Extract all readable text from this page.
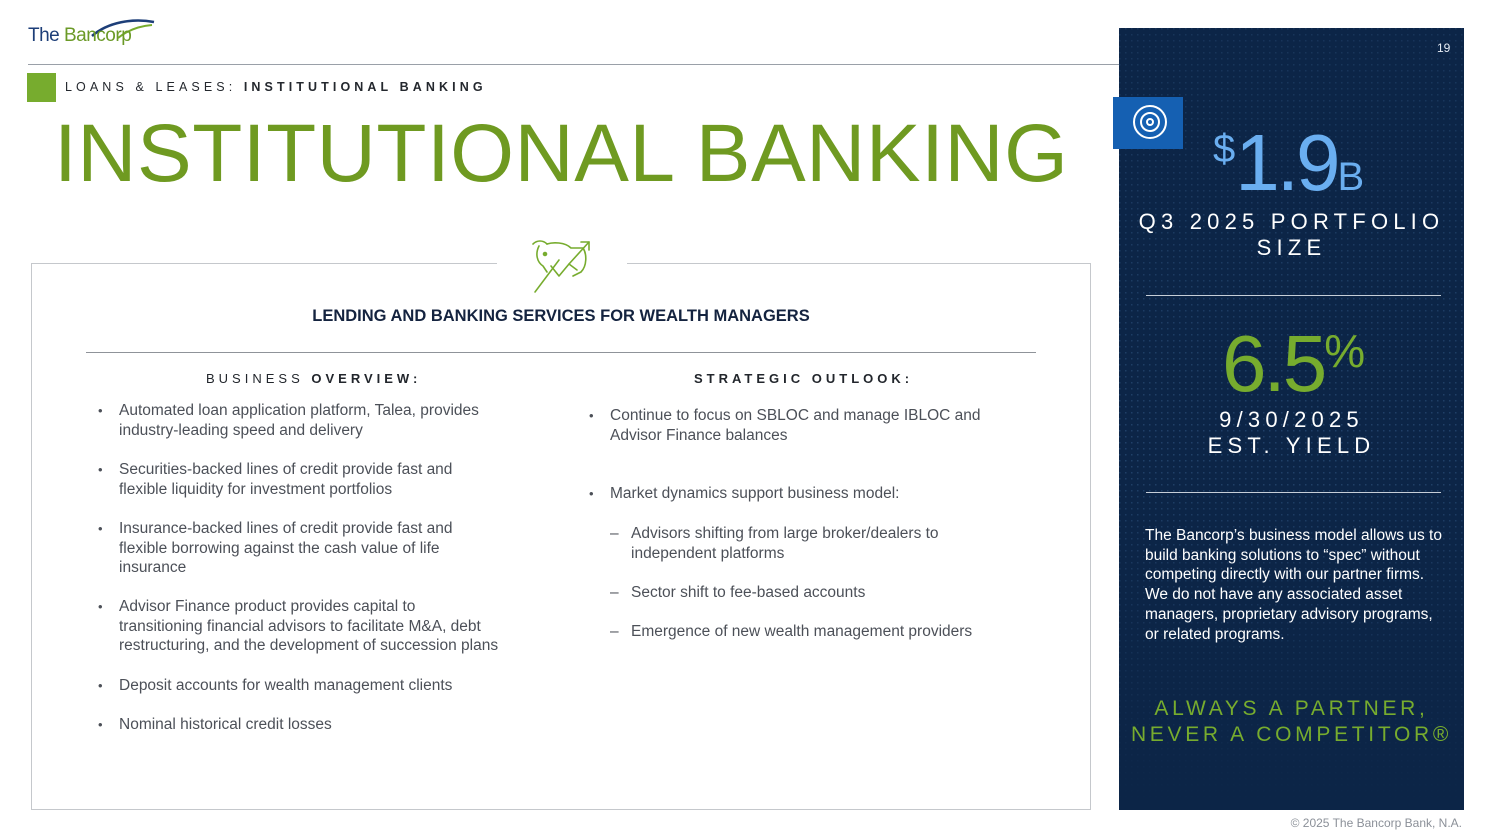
The Bancorp
LOANS & LEASES: INSTITUTIONAL BANKING
INSTITUTIONAL BANKING
LENDING AND BANKING SERVICES FOR WEALTH MANAGERS
BUSINESS OVERVIEW:	STRATEGIC OUTLOOK:
• Automated loan application platform, Talea, provides
industry-leading speed and delivery
• Securities-backed lines of credit provide fast and
flexible liquidity for investment portfolios
• Insurance-backed lines of credit provide fast and
flexible borrowing against the cash value of life
insurance
• Advisor Finance product provides capital to
transitioning financial advisors to facilitate M&A, debt
restructuring, and the development of succession plans
• Deposit accounts for wealth management clients
• Nominal historical credit losses
• Continue to focus on SBLOC and manage IBLOC and
Advisor Finance balances
• Market dynamics support business model:
– Advisors shifting from large broker/dealers to
independent platforms
– Sector shift to fee-based accounts
– Emergence of new wealth management providers
19
$1.9B
Q3 2025 PORTFOLIO
SIZE
6.5%
9/30/2025
EST. YIELD
The Bancorp’s business model allows us to build banking solutions to “spec” without competing directly with our partner firms. We do not have any associated asset managers, proprietary advisory programs, or related programs.
ALWAYS A PARTNER,
NEVER A COMPETITOR®
© 2025 The Bancorp Bank, N.A.
